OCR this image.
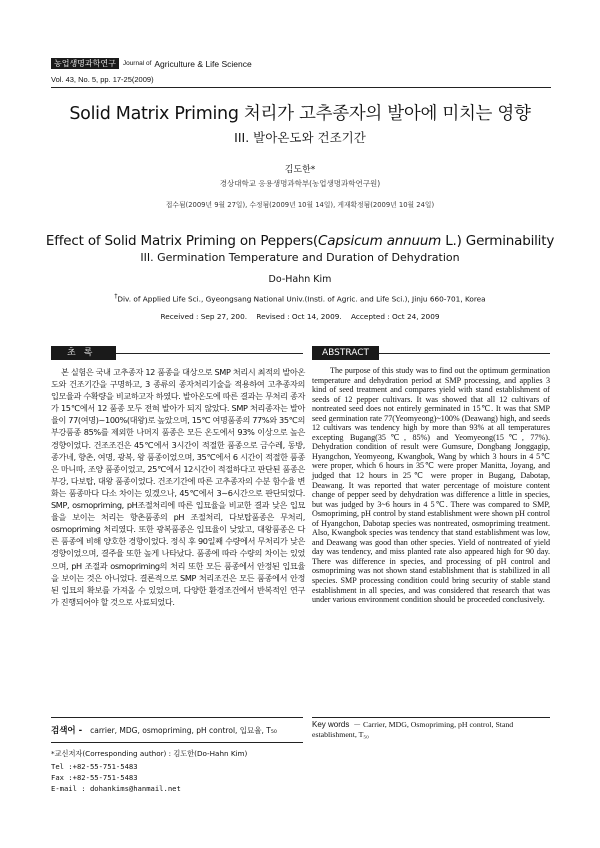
농업생명과학연구	Journal of Agriculture & Life Science
Vol. 43, No. 5, pp. 17-25(2009)
Solid Matrix Priming 처리가 고추종자의 발아에 미치는 영향
III. 발아온도와 건조기간
김도한*
경상대학교 응용생명과학부(농업생명과학연구원)
접수됨(2009년 9월 27일), 수정됨(2009년 10월 14일), 게재확정됨(2009년 10월 24일)
Effect of Solid Matrix Priming on Peppers(Capsicum annuum L.) Germinability
III. Germination Temperature and Duration of Dehydration
Do-Hahn Kim
†Div. of Applied Life Sci., Gyeongsang National Univ.(Insti. of Agric. and Life Sci.), Jinju 660-701, Korea
Received : Sep 27, 200. Revised : Oct 14, 2009. Accepted : Oct 24, 2009
초록	ABSTRACT

본 실험은 국내 고추종자 12 품종을 대상으로 SMP 처리시 최적의 발아온도와 건조기간을 구명하고, 3 종류의 종자처리기술을 적용하여 고추종자의 입모율과 수확량을 비교하고자 하였다. 발아온도에 따른 결과는 무처리 종자가 15℃에서 12 품종 모두 전혀 발아가 되지 않았다. SMP 처리종자는 발아율이 77(여명)~100%(대왕)로 높았으며, 15℃ 여명품종의 77%와 35℃의 부강품종 85%를 제외한 나머지 품종은 모든 온도에서 93% 이상으로 높은 경향이었다. 건조조건은 45℃에서 3시간이 적절한 품종으로 금수레, 동방, 종가네, 향촌, 여명, 광복, 왕 품종이었으며, 35℃에서 6 시간이 적절한 품종은 마니따, 조양 품종이었고, 25℃에서 12시간이 적절하다고 판단된 품종은 부강, 다보탑, 대왕 품종이었다. 건조기간에 따른 고추종자의 수분 함수율 변화는 품종마다 다소 차이는 있겠으나, 45℃에서 3~6시간으로 판단되었다. SMP, osmopriming, pH조절처리에 따른 입묘율을 비교한 결과 낮은 입묘율을 보이는 처리는 향촌품종의 pH 조절처리, 다보탑품종은 무처리, osmopriming 처리였다. 또한 광복품종은 입묘율이 낮았고, 대왕품종은 다른 품종에 비해 양호한 경향이었다. 정식 후 90일째 수량에서 무처리가 낮은 경향이었으며, 결주율 또한 높게 나타났다. 품종에 따라 수량의 차이는 있었으며, pH 조절과 osmopriming의 처리 또한 모든 품종에서 안정된 입묘율을 보이는 것은 아니었다. 결론적으로 SMP 처리조건은 모든 품종에서 안정된 입묘의 확보를 가져올 수 있었으며, 다양한 환경조건에서 반복적인 연구가 진행되어야 할 것으로 사료되었다.

The purpose of this study was to find out the optimum germination temperature and dehydration period at SMP processing, and applies 3 kind of seed treatment and compares yield with stand establishment of seeds of 12 pepper cultivars. It was showed that all 12 cultivars of nontreated seed does not entirely germinated in 15℃. It was that SMP seed germination rate 77(Yeomyeong)~100% (Deawang) high, and seeds 12 cultivars was tendency high by more than 93% at all temperatures excepting Bugang(35℃, 85%) and Yeomyeong(15℃, 77%). Dehydration condition of result were Gumsure, Dongbang Jonggagip, Hyangchon, Yeomyeong, Kwangbok, Wang by which 3 hours in 4 5℃ were proper, which 6 hours in 35℃ were proper Manitta, Joyang, and judged that 12 hours in 25℃ were proper in Bugang, Dabotap, Deawang. It was reported that water percentage of moisture content change of pepper seed by dehydration was difference a little in species, but was judged by 3~6 hours in 4 5℃. There was compared to SMP, Osmopriming, pH control by stand establishment were shown pH control of Hyangchon, Dabotap species was nontreated, osmopriming treatment. Also, Kwangbok species was tendency that stand establishment was low, and Deawang was good than other species. Yield of nontreated of yield day was tendency, and miss planted rate also appeared high for 90 day. There was difference in species, and processing of pH control and osmopriming was not shown stand establishment that is stabilized in all species. SMP processing condition could bring security of stable stand establishment in all species, and was considered that research that was under various environment condition should be proceeded conclusively.

검색어 - carrier, MDG, osmopriming, pH control, 입묘율, T₅₀
Key words － Carrier, MDG, Osmopriming, pH control, Stand establishment, T₅₀
*교신저자(Corresponding author) : 김도한(Do-Hahn Kim)
Tel :+82-55-751-5483
Fax :+82-55-751-5483
E-mail : dohankims@hanmail.net
